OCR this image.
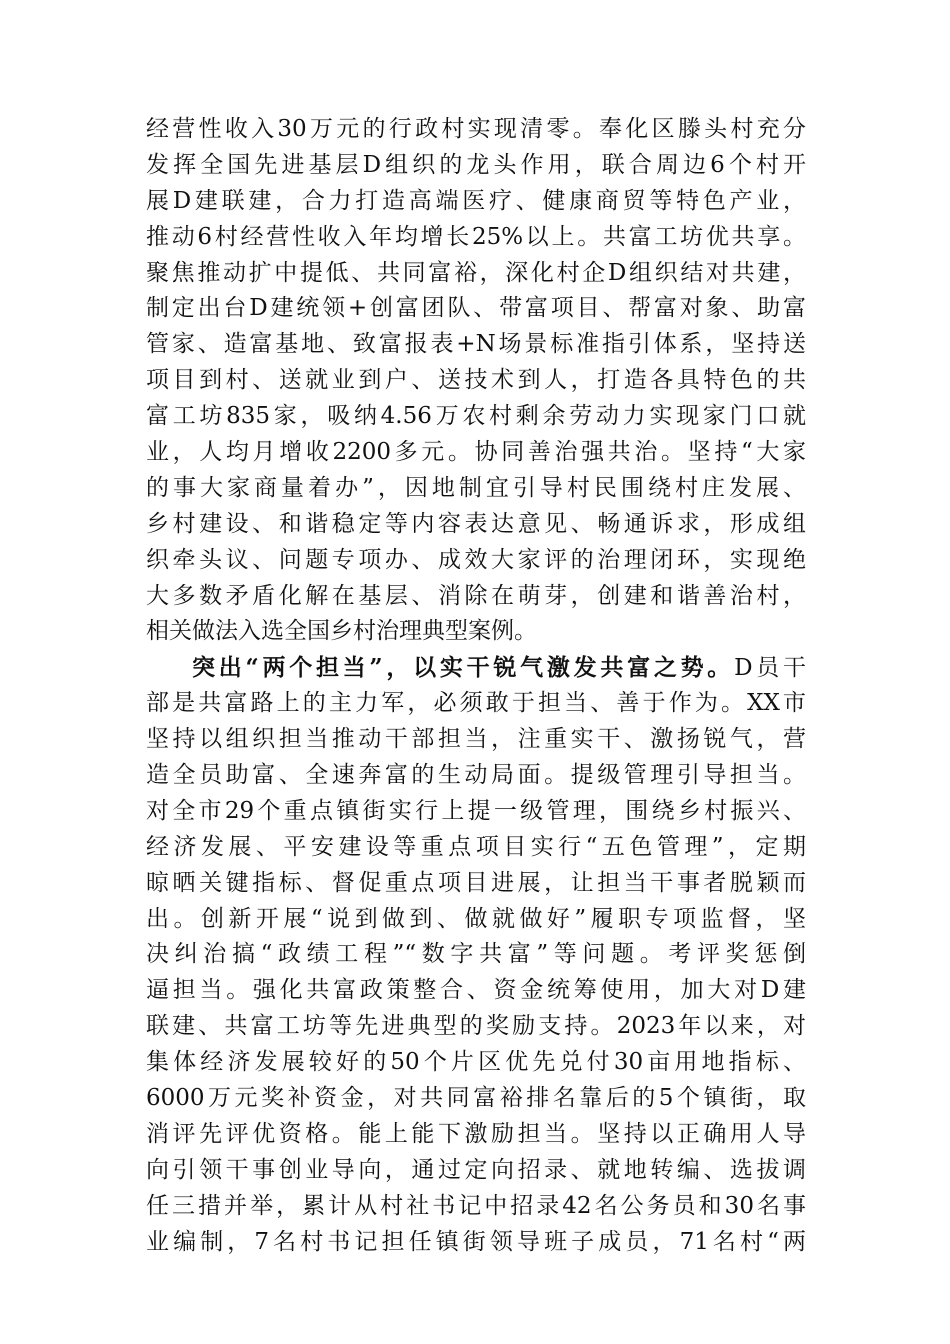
经营性收入30万元的行政村实现清零。奉化区滕头村充分
发挥全国先进基层D组织的龙头作用，联合周边6个村开
展D建联建，合力打造高端医疗、健康商贸等特色产业，
推动6村经营性收入年均增长25%以上。共富工坊优共享。
聚焦推动扩中提低、共同富裕，深化村企D组织结对共建，
制定出台D建统领+创富团队、带富项目、帮富对象、助富
管家、造富基地、致富报表+N场景标准指引体系，坚持送
项目到村、送就业到户、送技术到人，打造各具特色的共
富工坊835家，吸纳4.56万农村剩余劳动力实现家门口就
业，人均月增收2200多元。协同善治强共治。坚持“大家
的事大家商量着办”，因地制宜引导村民围绕村庄发展、
乡村建设、和谐稳定等内容表达意见、畅通诉求，形成组
织牵头议、问题专项办、成效大家评的治理闭环，实现绝
大多数矛盾化解在基层、消除在萌芽，创建和谐善治村，
相关做法入选全国乡村治理典型案例。
突出“两个担当”，以实干锐气激发共富之势。D员干
部是共富路上的主力军，必须敢于担当、善于作为。XX市
坚持以组织担当推动干部担当，注重实干、激扬锐气，营
造全员助富、全速奔富的生动局面。提级管理引导担当。
对全市29个重点镇街实行上提一级管理，围绕乡村振兴、
经济发展、平安建设等重点项目实行“五色管理”，定期
晾晒关键指标、督促重点项目进展，让担当干事者脱颖而
出。创新开展“说到做到、做就做好”履职专项监督，坚
决纠治搞“政绩工程”“数字共富”等问题。考评奖惩倒
逼担当。强化共富政策整合、资金统筹使用，加大对D建
联建、共富工坊等先进典型的奖励支持。2023年以来，对
集体经济发展较好的50个片区优先兑付30亩用地指标、
6000万元奖补资金，对共同富裕排名靠后的5个镇街，取
消评先评优资格。能上能下激励担当。坚持以正确用人导
向引领干事创业导向，通过定向招录、就地转编、选拔调
任三措并举，累计从村社书记中招录42名公务员和30名事
业编制，7名村书记担任镇街领导班子成员，71名村“两
